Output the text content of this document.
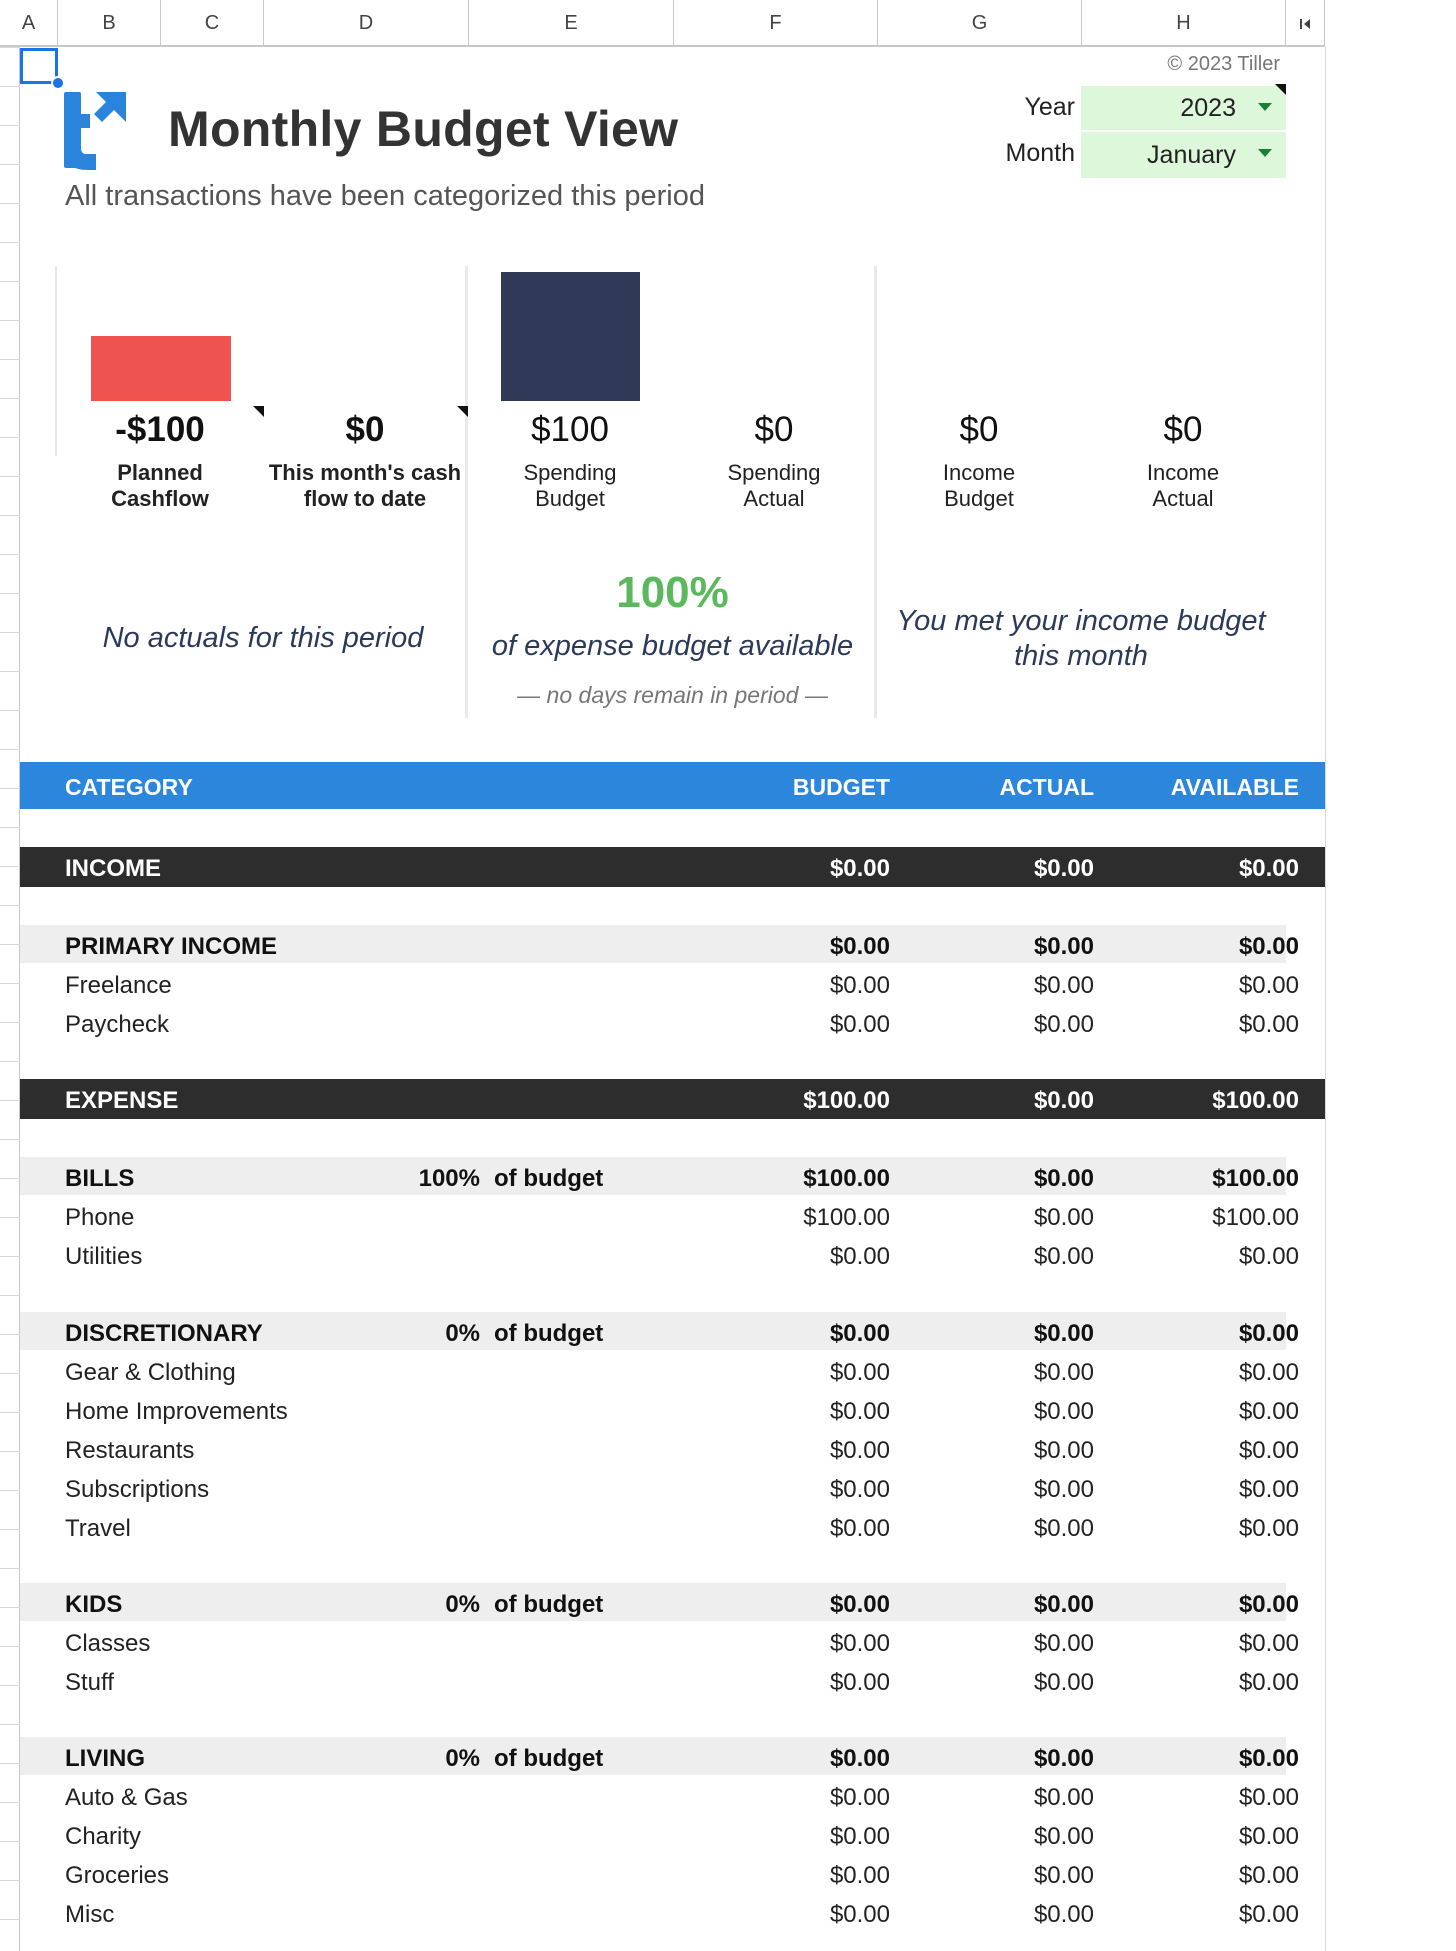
A	B	C	D	E	F	G	H
Monthly Budget View
All transactions have been categorized this period
© 2023 Tiller
Year
Month
2023
January
-$100
Planned
Cashflow
$0
This month's cash
flow to date
$100
Spending
Budget
$0
Spending
Actual
$0
Income
Budget
$0
Income
Actual
No actuals for this period
100%
of expense budget available
— no days remain in period —
You met your income budget
this month
CATEGORY	BUDGET	ACTUAL	AVAILABLE
INCOME	$0.00	$0.00	$0.00
PRIMARY INCOME	$0.00	$0.00	$0.00
Freelance	$0.00	$0.00	$0.00
Paycheck	$0.00	$0.00	$0.00
EXPENSE	$100.00	$0.00	$100.00
BILLS	100% of budget	$100.00	$0.00	$100.00
Phone	$100.00	$0.00	$100.00
Utilities	$0.00	$0.00	$0.00
DISCRETIONARY	0% of budget	$0.00	$0.00	$0.00
Gear & Clothing	$0.00	$0.00	$0.00
Home Improvements	$0.00	$0.00	$0.00
Restaurants	$0.00	$0.00	$0.00
Subscriptions	$0.00	$0.00	$0.00
Travel	$0.00	$0.00	$0.00
KIDS	0% of budget	$0.00	$0.00	$0.00
Classes	$0.00	$0.00	$0.00
Stuff	$0.00	$0.00	$0.00
LIVING	0% of budget	$0.00	$0.00	$0.00
Auto & Gas	$0.00	$0.00	$0.00
Charity	$0.00	$0.00	$0.00
Groceries	$0.00	$0.00	$0.00
Misc	$0.00	$0.00	$0.00
